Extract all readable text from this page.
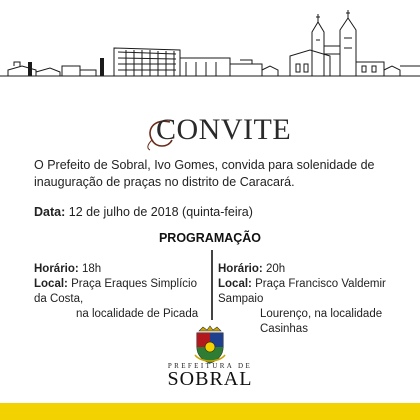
CONVITE
O Prefeito de Sobral, Ivo Gomes, convida para solenidade de inauguração de praças no distrito de Caracará.
Data: 12 de julho de 2018 (quinta-feira)
PROGRAMAÇÃO
Horário: 18h
Local: Praça Eraques Simplício da Costa,
na localidade de Picada
Horário: 20h
Local: Praça Francisco Valdemir Sampaio
Lourenço, na localidade Casinhas
PREFEITURA DE
SOBRAL
